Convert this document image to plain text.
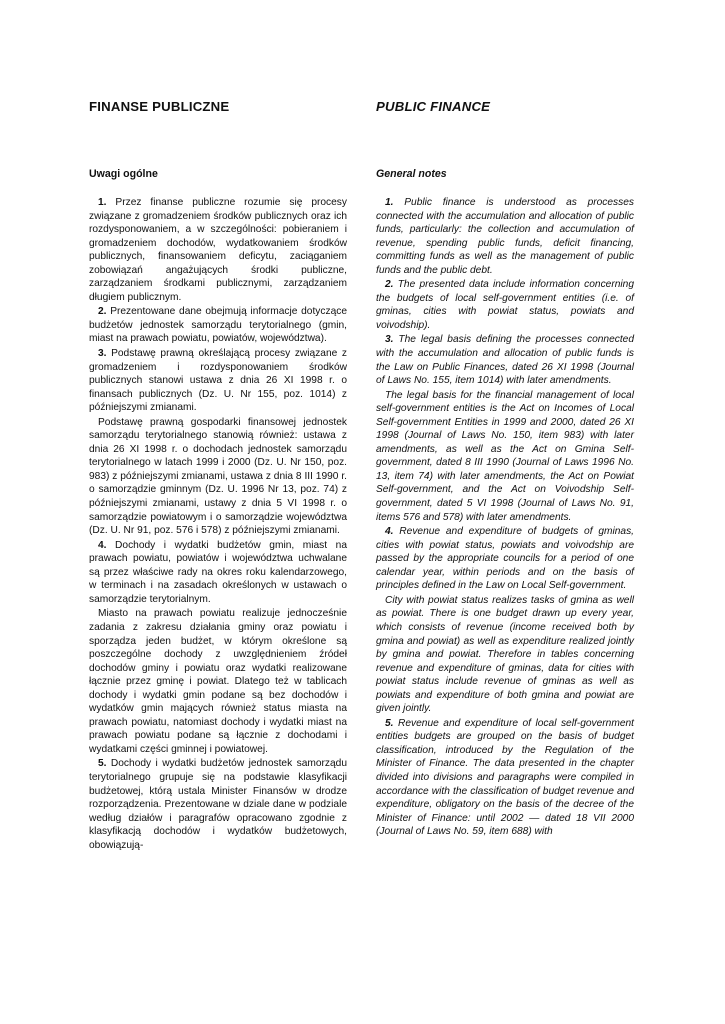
FINANSE PUBLICZNE	PUBLIC FINANCE
Uwagi ogólne	General notes

1. Przez finanse publiczne rozumie się procesy związane z gromadzeniem środków publicznych oraz ich rozdysponowaniem, a w szczególności: pobieraniem i gromadzeniem dochodów, wydatkowaniem środków publicznych, finansowaniem deficytu, zaciąganiem zobowiązań angażujących środki publiczne, zarządzaniem środkami publicznymi, zarządzaniem długiem publicznym.

2. Prezentowane dane obejmują informacje dotyczące budżetów jednostek samorządu terytorialnego (gmin, miast na prawach powiatu, powiatów, województwa).

3. Podstawę prawną określającą procesy związane z gromadzeniem i rozdysponowaniem środków publicznych stanowi ustawa z dnia 26 XI 1998 r. o finansach publicznych (Dz. U. Nr 155, poz. 1014) z późniejszymi zmianami.

Podstawę prawną gospodarki finansowej jednostek samorządu terytorialnego stanowią również: ustawa z dnia 26 XI 1998 r. o dochodach jednostek samorządu terytorialnego w latach 1999 i 2000 (Dz. U. Nr 150, poz. 983) z późniejszymi zmianami, ustawa z dnia 8 III 1990 r. o samorządzie gminnym (Dz. U. 1996 Nr 13, poz. 74) z późniejszymi zmianami, ustawy z dnia 5 VI 1998 r. o samorządzie powiatowym i o samorządzie województwa (Dz. U. Nr 91, poz. 576 i 578) z późniejszymi zmianami.

4. Dochody i wydatki budżetów gmin, miast na prawach powiatu, powiatów i województwa uchwalane są przez właściwe rady na okres roku kalendarzowego, w terminach i na zasadach określonych w ustawach o samorządzie terytorialnym.

Miasto na prawach powiatu realizuje jednocześnie zadania z zakresu działania gminy oraz powiatu i sporządza jeden budżet, w którym określone są poszczególne dochody z uwzględnieniem źródeł dochodów gminy i powiatu oraz wydatki realizowane łącznie przez gminę i powiat. Dlatego też w tablicach dochody i wydatki gmin podane są bez dochodów i wydatków gmin mających również status miasta na prawach powiatu, natomiast dochody i wydatki miast na prawach powiatu podane są łącznie z dochodami i wydatkami części gminnej i powiatowej.

5. Dochody i wydatki budżetów jednostek samorządu terytorialnego grupuje się na podstawie klasyfikacji budżetowej, którą ustala Minister Finansów w drodze rozporządzenia. Prezentowane w dziale dane w podziale według działów i paragrafów opracowano zgodnie z klasyfikacją dochodów i wydatków budżetowych, obowiązują-

1. Public finance is understood as processes connected with the accumulation and allocation of public funds, particularly: the collection and accumulation of revenue, spending public funds, deficit financing, committing funds as well as the management of public funds and the public debt.

2. The presented data include information concerning the budgets of local self-government entities (i.e. of gminas, cities with powiat status, powiats and voivodship).

3. The legal basis defining the processes connected with the accumulation and allocation of public funds is the Law on Public Finances, dated 26 XI 1998 (Journal of Laws No. 155, item 1014) with later amendments.

The legal basis for the financial management of local self-government entities is the Act on Incomes of Local Self-government Entities in 1999 and 2000, dated 26 XI 1998 (Journal of Laws No. 150, item 983) with later amendments, as well as the Act on Gmina Self-government, dated 8 III 1990 (Journal of Laws 1996 No. 13, item 74) with later amendments, the Act on Powiat Self-government, and the Act on Voivodship Self-government, dated 5 VI 1998 (Journal of Laws No. 91, items 576 and 578) with later amendments.

4. Revenue and expenditure of budgets of gminas, cities with powiat status, powiats and voivodship are passed by the appropriate councils for a period of one calendar year, within periods and on the basis of principles defined in the Law on Local Self-government.

City with powiat status realizes tasks of gmina as well as powiat. There is one budget drawn up every year, which consists of revenue (income received both by gmina and powiat) as well as expenditure realized jointly by gmina and powiat. Therefore in tables concerning revenue and expenditure of gminas, data for cities with powiat status include revenue of gminas as well as powiats and expenditure of both gmina and powiat are given jointly.

5. Revenue and expenditure of local self-government entities budgets are grouped on the basis of budget classification, introduced by the Regulation of the Minister of Finance. The data presented in the chapter divided into divisions and paragraphs were compiled in accordance with the classification of budget revenue and expenditure, obligatory on the basis of the decree of the Minister of Finance: until 2002 — dated 18 VII 2000 (Journal of Laws No. 59, item 688) with
